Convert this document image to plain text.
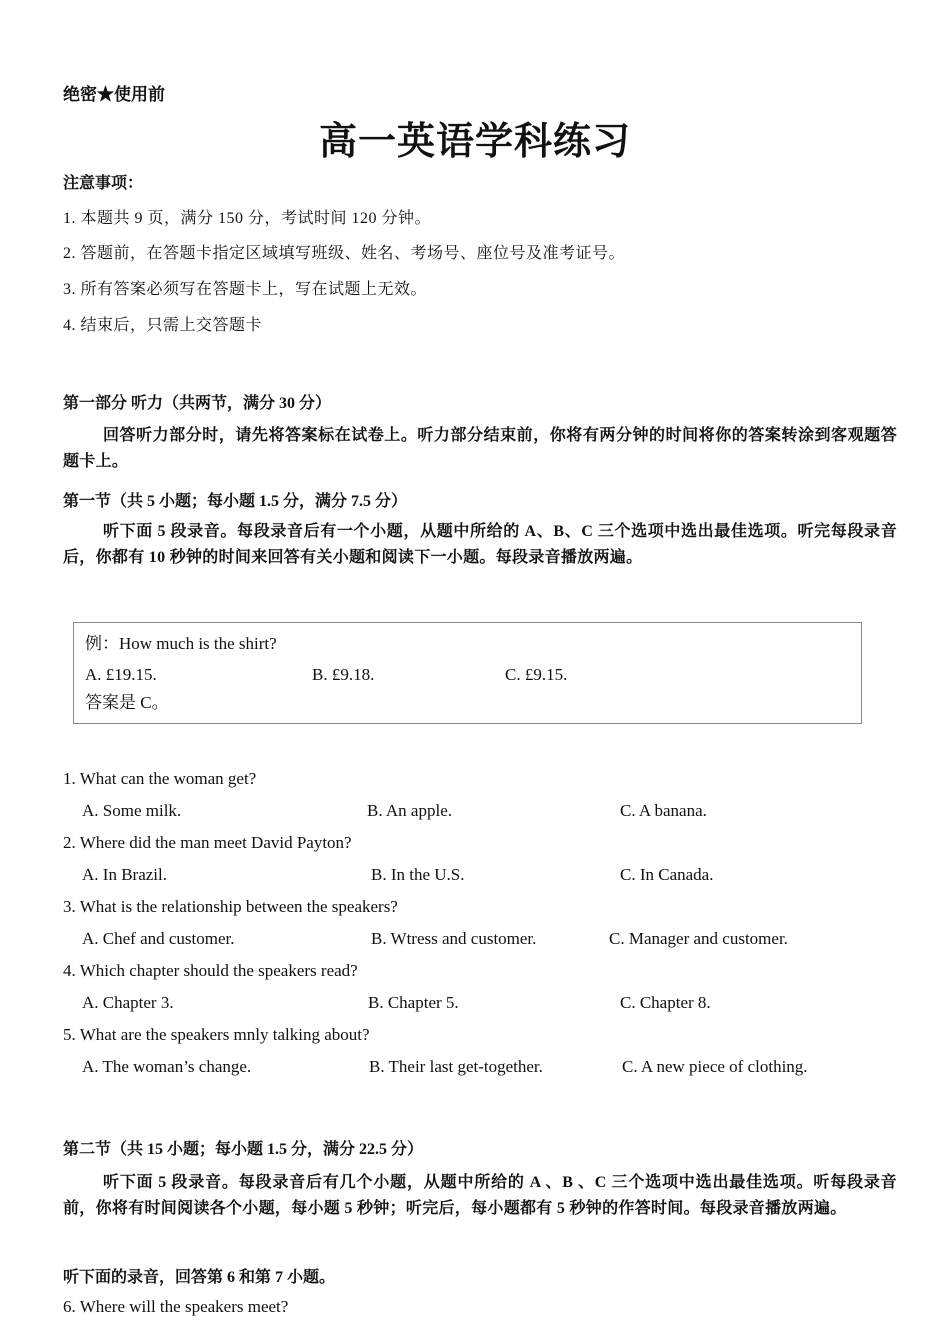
绝密★使用前
高一英语学科练习
注意事项：
1. 本题共 9 页，满分 150 分，考试时间 120 分钟。
2. 答题前，在答题卡指定区域填写班级、姓名、考场号、座位号及准考证号。
3. 所有答案必须写在答题卡上，写在试题上无效。
4. 结束后，只需上交答题卡
第一部分 听力（共两节，满分 30 分）
回答听力部分时，请先将答案标在试卷上。听力部分结束前，你将有两分钟的时间将你的答案转涂到客观题答题卡上。
第一节（共 5 小题；每小题 1.5 分，满分 7.5 分）
听下面 5 段录音。每段录音后有一个小题，从题中所给的 A、B、C 三个选项中选出最佳选项。听完每段录音后，你都有 10 秒钟的时间来回答有关小题和阅读下一小题。每段录音播放两遍。
例：How much is the shirt?
A. £19.15.	B. £9.18.	C. £9.15.
答案是 C。
1. What can the woman get?
A. Some milk.	B. An apple.	C. A banana.
2. Where did the man meet David Payton?
A. In Brazil.	B. In the U.S.	C. In Canada.
3. What is the relationship between the speakers?
A. Chef and customer.	B. Wtress and customer.	C. Manager and customer.
4. Which chapter should the speakers read?
A. Chapter 3.	B. Chapter 5.	C. Chapter 8.
5. What are the speakers mnly talking about?
A. The woman’s change.	B. Their last get-together.	C. A new piece of clothing.
第二节（共 15 小题；每小题 1.5 分，满分 22.5 分）
听下面 5 段录音。每段录音后有几个小题，从题中所给的 A 、B 、C 三个选项中选出最佳选项。听每段录音前，你将有时间阅读各个小题，每小题 5 秒钟；听完后，每小题都有 5 秒钟的作答时间。每段录音播放两遍。
听下面的录音，回答第 6 和第 7 小题。
6. Where will the speakers meet?
